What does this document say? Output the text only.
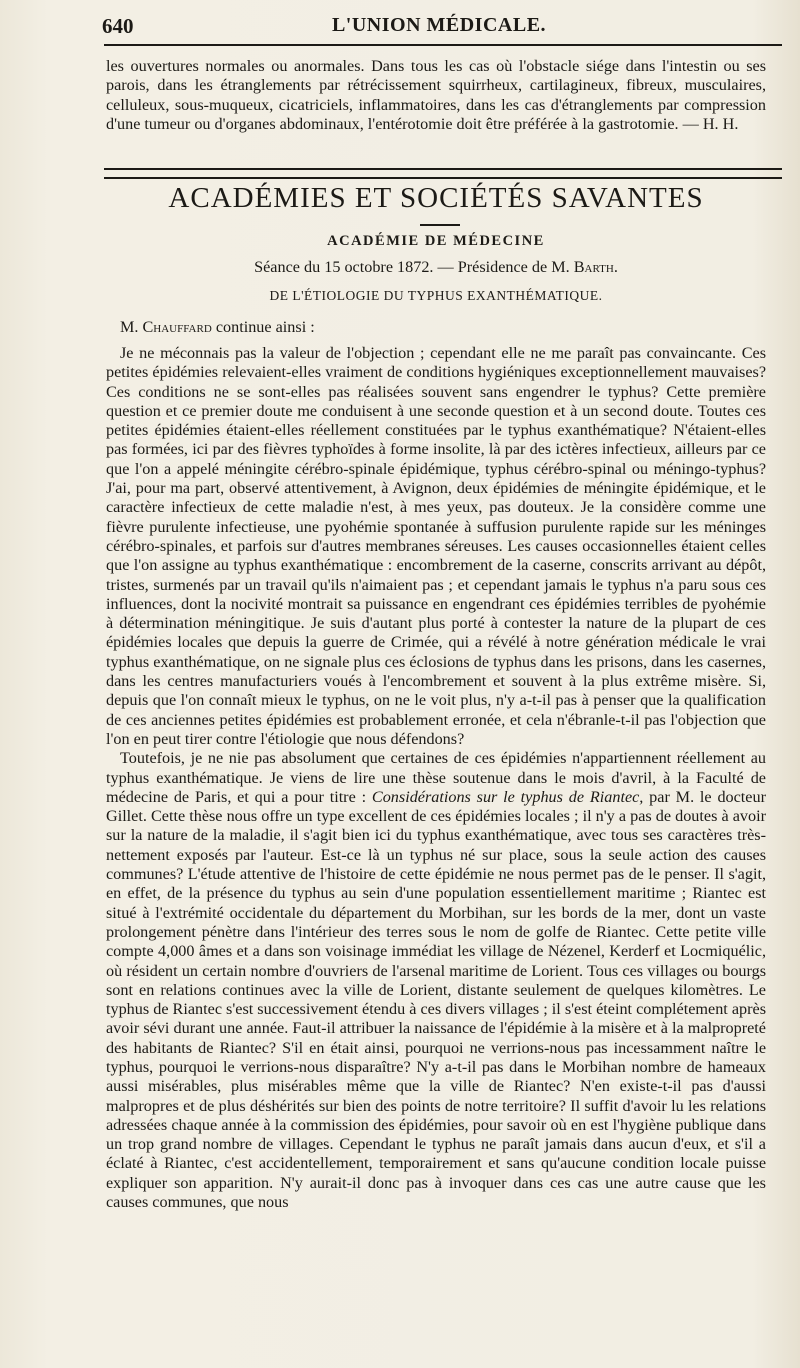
640	L'UNION MÉDICALE.

les ouvertures normales ou anormales. Dans tous les cas où l'obstacle siége dans l'intestin ou ses parois, dans les étranglements par rétrécissement squirrheux, cartilagineux, fibreux, musculaires, celluleux, sous-muqueux, cicatriciels, inflammatoires, dans les cas d'étranglements par compression d'une tumeur ou d'organes abdominaux, l'entérotomie doit être préférée à la gastrotomie. — H. H.

ACADÉMIES ET SOCIÉTÉS SAVANTES
ACADÉMIE DE MÉDECINE
Séance du 15 octobre 1872. — Présidence de M. Barth.
DE L'ÉTIOLOGIE DU TYPHUS EXANTHÉMATIQUE.
M. Chauffard continue ainsi :

Je ne méconnais pas la valeur de l'objection ; cependant elle ne me paraît pas convaincante. Ces petites épidémies relevaient-elles vraiment de conditions hygiéniques exceptionnellement mauvaises? Ces conditions ne se sont-elles pas réalisées souvent sans engendrer le typhus? Cette première question et ce premier doute me conduisent à une seconde question et à un second doute. Toutes ces petites épidémies étaient-elles réellement constituées par le typhus exanthématique? N'étaient-elles pas formées, ici par des fièvres typhoïdes à forme insolite, là par des ictères infectieux, ailleurs par ce que l'on a appelé méningite cérébro-spinale épidémique, typhus cérébro-spinal ou méningo-typhus? J'ai, pour ma part, observé attentivement, à Avignon, deux épidémies de méningite épidémique, et le caractère infectieux de cette maladie n'est, à mes yeux, pas douteux. Je la considère comme une fièvre purulente infectieuse, une pyohémie spontanée à suffusion purulente rapide sur les méninges cérébro-spinales, et parfois sur d'autres membranes séreuses. Les causes occasionnelles étaient celles que l'on assigne au typhus exanthématique : encombrement de la caserne, conscrits arrivant au dépôt, tristes, surmenés par un travail qu'ils n'aimaient pas ; et cependant jamais le typhus n'a paru sous ces influences, dont la nocivité montrait sa puissance en engendrant ces épidémies terribles de pyohémie à détermination méningitique. Je suis d'autant plus porté à contester la nature de la plupart de ces épidémies locales que depuis la guerre de Crimée, qui a révélé à notre génération médicale le vrai typhus exanthématique, on ne signale plus ces éclosions de typhus dans les prisons, dans les casernes, dans les centres manufacturiers voués à l'encombrement et souvent à la plus extrême misère. Si, depuis que l'on connaît mieux le typhus, on ne le voit plus, n'y a-t-il pas à penser que la qualification de ces anciennes petites épidémies est probablement erronée, et cela n'ébranle-t-il pas l'objection que l'on en peut tirer contre l'étiologie que nous défendons?

Toutefois, je ne nie pas absolument que certaines de ces épidémies n'appartiennent réellement au typhus exanthématique. Je viens de lire une thèse soutenue dans le mois d'avril, à la Faculté de médecine de Paris, et qui a pour titre : Considérations sur le typhus de Riantec, par M. le docteur Gillet. Cette thèse nous offre un type excellent de ces épidémies locales ; il n'y a pas de doutes à avoir sur la nature de la maladie, il s'agit bien ici du typhus exanthématique, avec tous ses caractères très-nettement exposés par l'auteur. Est-ce là un typhus né sur place, sous la seule action des causes communes? L'étude attentive de l'histoire de cette épidémie ne nous permet pas de le penser. Il s'agit, en effet, de la présence du typhus au sein d'une population essentiellement maritime ; Riantec est situé à l'extrémité occidentale du département du Morbihan, sur les bords de la mer, dont un vaste prolongement pénètre dans l'intérieur des terres sous le nom de golfe de Riantec. Cette petite ville compte 4,000 âmes et a dans son voisinage immédiat les village de Nézenel, Kerderf et Locmiquélic, où résident un certain nombre d'ouvriers de l'arsenal maritime de Lorient. Tous ces villages ou bourgs sont en relations continues avec la ville de Lorient, distante seulement de quelques kilomètres. Le typhus de Riantec s'est successivement étendu à ces divers villages ; il s'est éteint complétement après avoir sévi durant une année. Faut-il attribuer la naissance de l'épidémie à la misère et à la malpropreté des habitants de Riantec? S'il en était ainsi, pourquoi ne verrions-nous pas incessamment naître le typhus, pourquoi le verrions-nous disparaître? N'y a-t-il pas dans le Morbihan nombre de hameaux aussi misérables, plus misérables même que la ville de Riantec? N'en existe-t-il pas d'aussi malpropres et de plus déshérités sur bien des points de notre territoire? Il suffit d'avoir lu les relations adressées chaque année à la commission des épidémies, pour savoir où en est l'hygiène publique dans un trop grand nombre de villages. Cependant le typhus ne paraît jamais dans aucun d'eux, et s'il a éclaté à Riantec, c'est accidentellement, temporairement et sans qu'aucune condition locale puisse expliquer son apparition. N'y aurait-il donc pas à invoquer dans ces cas une autre cause que les causes communes, que nous
